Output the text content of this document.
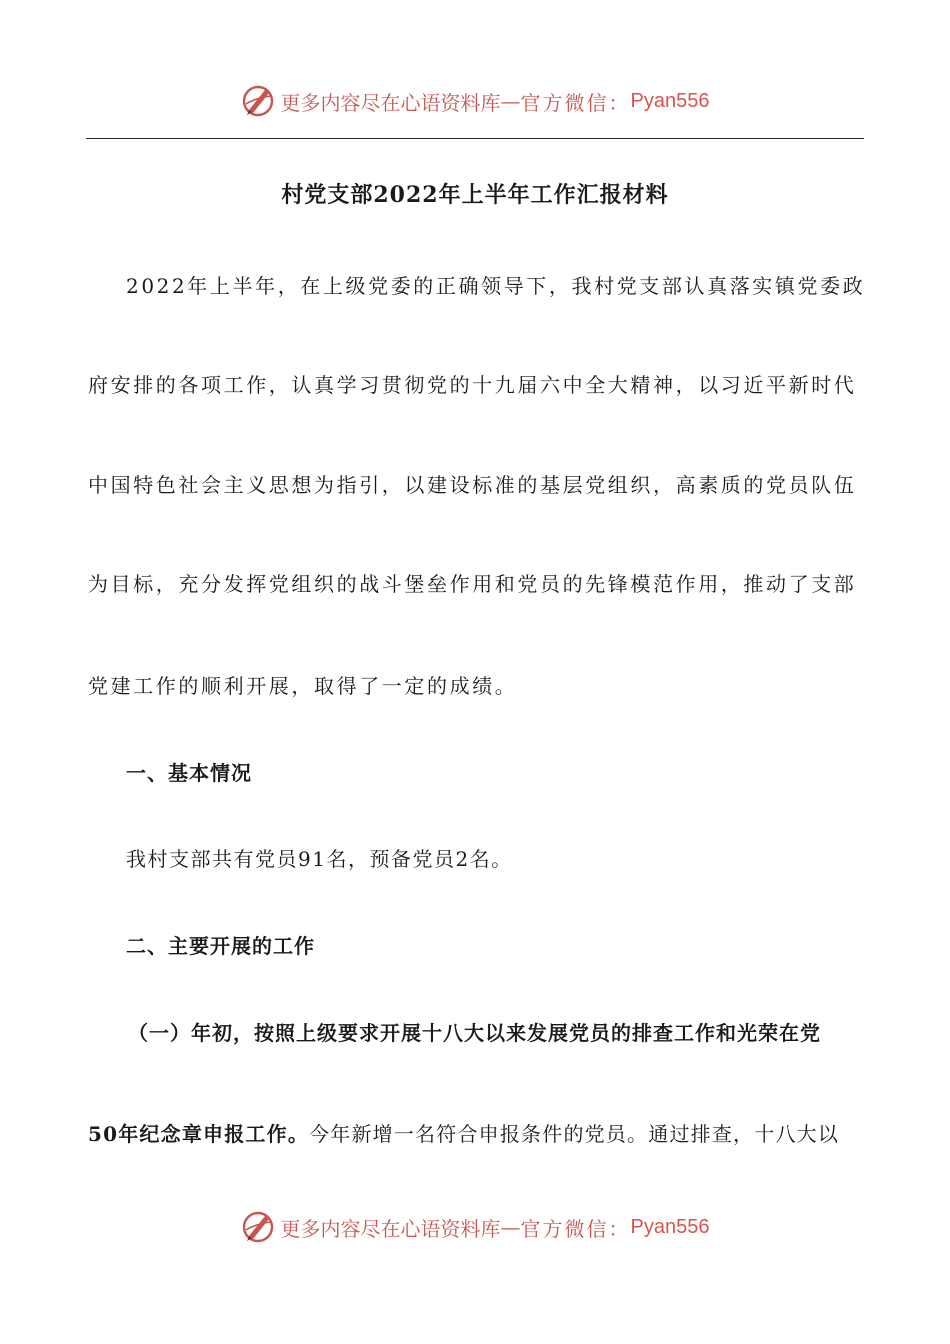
更多内容尽在心语资料库 — 官方微信： Pyan556
村党支部2022年上半年工作汇报材料
2022年上半年，在上级党委的正确领导下，我村党支部认真落实镇党委政
府安排的各项工作，认真学习贯彻党的十九届六中全大精神，以习近平新时代
中国特色社会主义思想为指引，以建设标准的基层党组织，高素质的党员队伍
为目标，充分发挥党组织的战斗堡垒作用和党员的先锋模范作用，推动了支部
党建工作的顺利开展，取得了一定的成绩。
一、基本情况
我村支部共有党员91名，预备党员2名。
二、主要开展的工作
（一）年初，按照上级要求开展十八大以来发展党员的排查工作和光荣在党
50年纪念章申报工作。今年新增一名符合申报条件的党员。通过排查，十八大以
更多内容尽在心语资料库 — 官方微信： Pyan556
